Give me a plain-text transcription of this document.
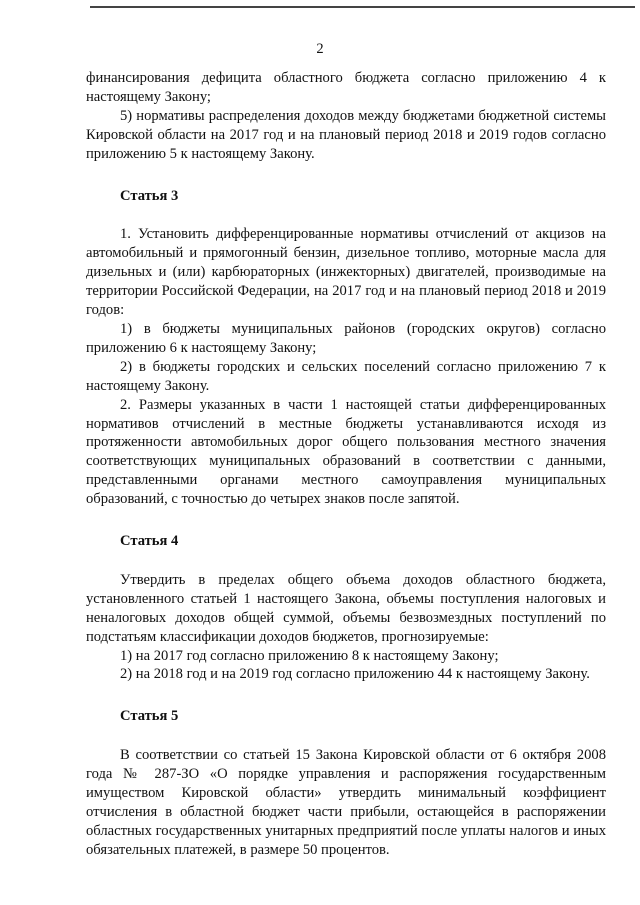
2

финансирования дефицита областного бюджета согласно приложению 4 к настоящему Закону;

5) нормативы распределения доходов между бюджетами бюджетной системы Кировской области на 2017 год и на плановый период 2018 и 2019 годов согласно приложению 5 к настоящему Закону.

Статья 3

1. Установить дифференцированные нормативы отчислений от акцизов на автомобильный и прямогонный бензин, дизельное топливо, моторные масла для дизельных и (или) карбюраторных (инжекторных) двигателей, производимые на территории Российской Федерации, на 2017 год и на плановый период 2018 и 2019 годов:

1) в бюджеты муниципальных районов (городских округов) согласно приложению 6 к настоящему Закону;

2) в бюджеты городских и сельских поселений согласно приложению 7 к настоящему Закону.

2. Размеры указанных в части 1 настоящей статьи дифференцированных нормативов отчислений в местные бюджеты устанавливаются исходя из протяженности автомобильных дорог общего пользования местного значения соответствующих муниципальных образований в соответствии с данными, представленными органами местного самоуправления муниципальных образований, с точностью до четырех знаков после запятой.

Статья 4

Утвердить в пределах общего объема доходов областного бюджета, установленного статьей 1 настоящего Закона, объемы поступления налоговых и неналоговых доходов общей суммой, объемы безвозмездных поступлений по подстатьям классификации доходов бюджетов, прогнозируемые:

1) на 2017 год согласно приложению 8 к настоящему Закону;

2) на 2018 год и на 2019 год согласно приложению 44 к настоящему Закону.

Статья 5

В соответствии со статьей 15 Закона Кировской области от 6 октября 2008 года № 287-ЗО «О порядке управления и распоряжения государственным имуществом Кировской области» утвердить минимальный коэффициент отчисления в областной бюджет части прибыли, остающейся в распоряжении областных государственных унитарных предприятий после уплаты налогов и иных обязательных платежей, в размере 50 процентов.
